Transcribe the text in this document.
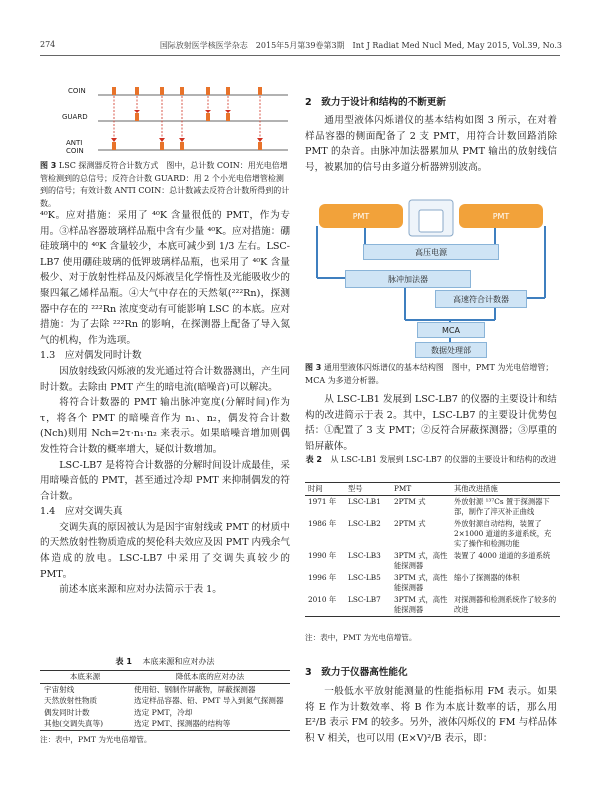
274	国际放射医学核医学杂志　2015年5月第39卷第3期　Int J Radiat Med Nucl Med, May 2015, Vol.39, No.3
COIN
GUARD
ANTI COIN
图 3 LSC 探测器反符合计数方式　图中，总计数 COIN：用光电倍增管检测到的总信号；反符合计数 GUARD：用 2 个小光电倍增管检测到的信号；有效计数 ANTI COIN：总计数减去反符合计数所得到的计数。

⁴⁰K。应对措施：采用了 ⁴⁰K 含量很低的 PMT，作为专用。③样品容器玻璃样品瓶中含有少量 ⁴⁰K。应对措施：硼硅玻璃中的 ⁴⁰K 含量较少，本底可减少到 1/3 左右。LSC-LB7 使用硼硅玻璃的低钾玻璃样品瓶，也采用了 ⁴⁰K 含量极少、对于放射性样品及闪烁液呈化学惰性及光能吸收少的聚四氟乙烯样品瓶。④大气中存在的天然氡(²²²Rn)，探测器中存在的 ²²²Rn 浓度变动有可能影响 LSC 的本底。应对措施：为了去除 ²²²Rn 的影响，在探测器上配备了导入氮气的机构，作为选项。

1.3　应对偶发同时计数

因放射线致闪烁液的发光通过符合计数器测出，产生同时计数。去除由 PMT 产生的暗电流(暗噪音)可以解决。

将符合计数器的 PMT 输出脉冲宽度(分解时间)作为 τ，将各个 PMT 的暗噪音作为 n₁、n₂，偶发符合计数(Nch)则用 Nch=2τ·n₁·n₂ 来表示。如果暗噪音增加则偶发性符合计数的概率增大，疑似计数增加。

LSC-LB7 是将符合计数器的分解时间设计成最佳，采用暗噪音低的 PMT，甚至通过冷却 PMT 来抑制偶发的符合计数。

1.4　应对交调失真

交调失真的原因被认为是因宇宙射线或 PMT 的材质中的天然放射性物质造成的契伦科夫效应及因 PMT 内残余气体造成的放电。LSC-LB7 中采用了交调失真较少的 PMT。

前述本底来源和应对办法简示于表 1。

表 1 本底来源和应对办法
本底来源	降低本底的应对办法
宇宙射线	使用铅、钢制作屏蔽物，屏蔽探测器
天然放射性物质	选定样品容器、铅、PMT 导入到氮气探测器
偶发同时计数	选定 PMT，冷却
其他(交调失真等)	选定 PMT、探测器的结构等
注：表中，PMT 为光电倍增管。
2　致力于设计和结构的不断更新
通用型液体闪烁谱仪的基本结构如图 3 所示，在对着样品容器的侧面配备了 2 支 PMT，用符合计数回路消除 PMT 的杂音。由脉冲加法器累加从 PMT 输出的放射线信号，被累加的信号由多道分析器辨别波高。
PMT	PMT
高压电源
脉冲加法器
高速符合计数器
MCA
数据处理部
图 3 通用型液体闪烁谱仪的基本结构图　图中，PMT 为光电倍增管；MCA 为多道分析器。
从 LSC-LB1 发展到 LSC-LB7 的仪器的主要设计和结构的改进简示于表 2。其中，LSC-LB7 的主要设计优势包括：①配置了 3 支 PMT；②反符合屏蔽探测器；③厚重的铅屏蔽体。
表 2 从 LSC-LB1 发展到 LSC-LB7 的仪器的主要设计和结构的改进
时间	型号	PMT	其他改进措施
1971 年	LSC-LB1	2PTM 式	外放射源 ¹³⁷Cs 置于探测器下部，制作了淬灭补正曲线
1986 年	LSC-LB2	2PTM 式	外放射源自动结构，装置了 2×1000 道道的多道系统，充实了操作和检测功能
1990 年	LSC-LB3	3PTM 式，高性能探测器	装置了 4000 道道的多道系统
1996 年	LSC-LB5	3PTM 式，高性能探测器	缩小了探测器的体积
2010 年	LSC-LB7	3PTM 式，高性能探测器	对探测器和检测系统作了较多的改进
注：表中，PMT 为光电倍增管。
3　致力于仪器高性能化
一般低水平放射能测量的性能指标用 FM 表示。如果将 E 作为计数效率、将 B 作为本底计数率的话，那么用 E²/B 表示 FM 的较多。另外，液体闪烁仪的 FM 与样品体积 V 相关，也可以用 (E×V)²/B 表示，即：
